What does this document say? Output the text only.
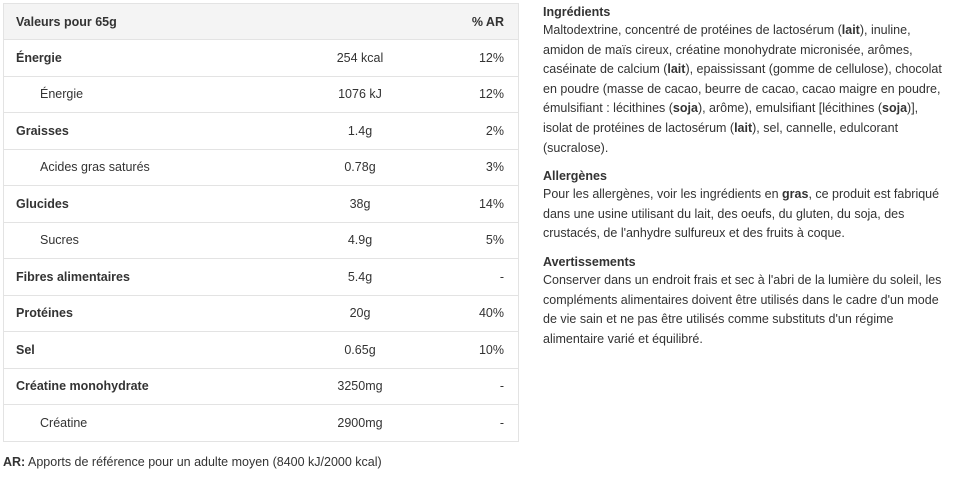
Valeurs pour 65g		% AR
Énergie	254 kcal	12%
Énergie	1076 kJ	12%
Graisses	1.4g	2%
Acides gras saturés	0.78g	3%
Glucides	38g	14%
Sucres	4.9g	5%
Fibres alimentaires	5.4g	-
Protéines	20g	40%
Sel	0.65g	10%
Créatine monohydrate	3250mg	-
Créatine	2900mg	-
AR: Apports de référence pour un adulte moyen (8400 kJ/2000 kcal)
Ingrédients

Maltodextrine, concentré de protéines de lactosérum (lait), inuline, amidon de maïs cireux, créatine monohydrate micronisée, arômes, caséinate de calcium (lait), epaississant (gomme de cellulose), chocolat en poudre (masse de cacao, beurre de cacao, cacao maigre en poudre, émulsifiant : lécithines (soja), arôme), emulsifiant [lécithines (soja)], isolat de protéines de lactosérum (lait), sel, cannelle, edulcorant (sucralose).

Allergènes

Pour les allergènes, voir les ingrédients en gras, ce produit est fabriqué dans une usine utilisant du lait, des oeufs, du gluten, du soja, des crustacés, de l'anhydre sulfureux et des fruits à coque.

Avertissements

Conserver dans un endroit frais et sec à l'abri de la lumière du soleil, les compléments alimentaires doivent être utilisés dans le cadre d'un mode de vie sain et ne pas être utilisés comme substituts d'un régime alimentaire varié et équilibré.
